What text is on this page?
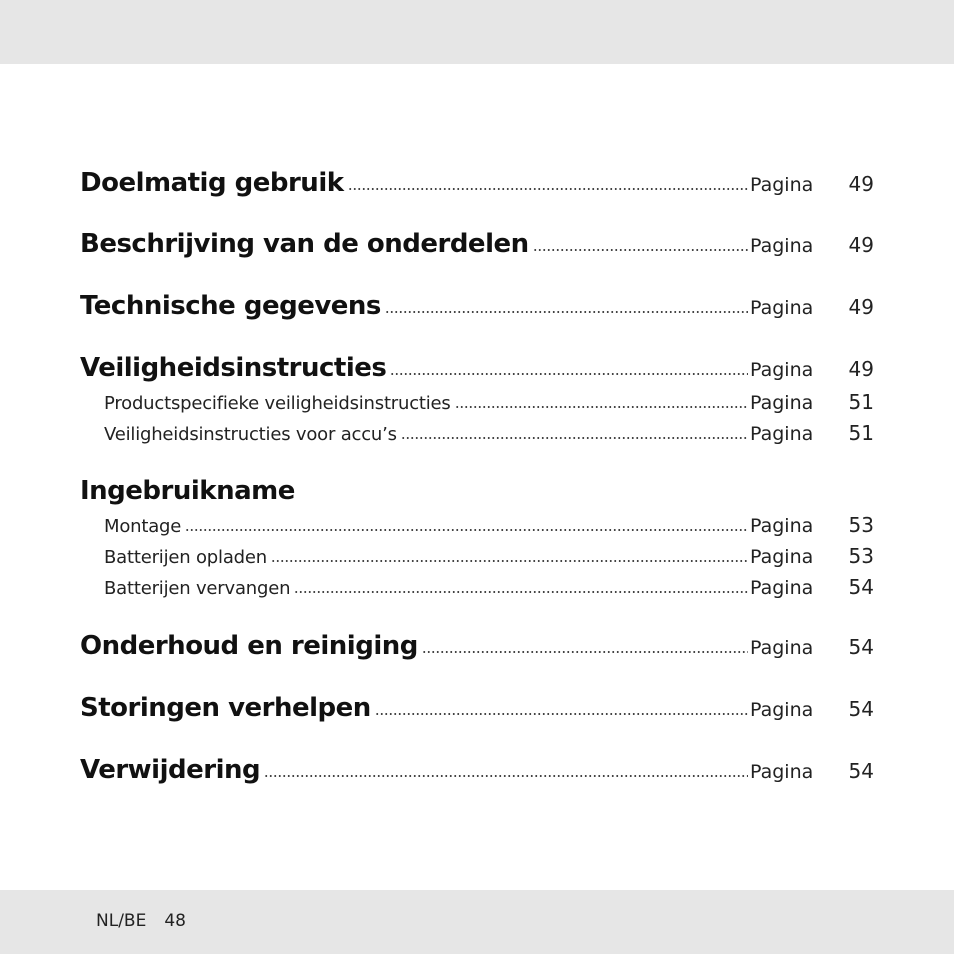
Doelmatig gebruik	Pagina	49
Beschrijving van de onderdelen	Pagina	49
Technische gegevens	Pagina	49
Veiligheidsinstructies	Pagina	49
Productspecifieke veiligheidsinstructies	Pagina	51
Veiligheidsinstructies voor accu’s	Pagina	51
Ingebruikname
Montage	Pagina	53
Batterijen opladen	Pagina	53
Batterijen vervangen	Pagina	54
Onderhoud en reiniging	Pagina	54
Storingen verhelpen	Pagina	54
Verwijdering	Pagina	54
NL/BE 48
